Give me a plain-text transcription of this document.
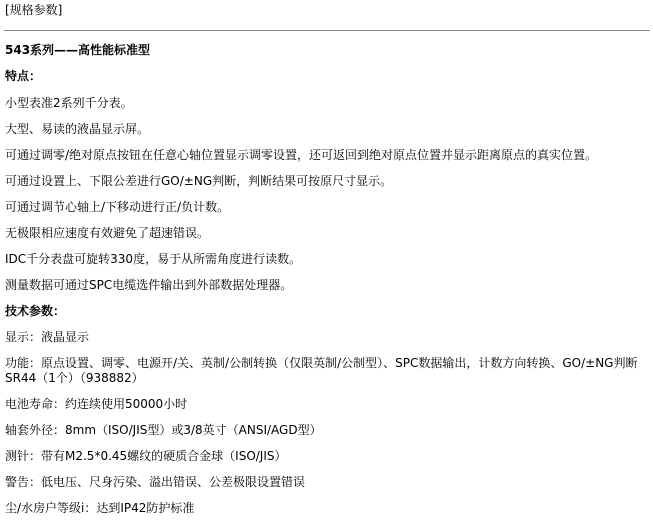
[规格参数]
543系列——高性能标准型
特点：
小型表准2系列千分表。
大型、易读的液晶显示屏。
可通过调零/绝对原点按钮在任意心轴位置显示调零设置，还可返回到绝对原点位置并显示距离原点的真实位置。
可通过设置上、下限公差进行GO/±NG判断，判断结果可按原尺寸显示。
可通过调节心轴上/下移动进行正/负计数。
无极限相应速度有效避免了超速错误。
IDC千分表盘可旋转330度，易于从所需角度进行读数。
测量数据可通过SPC电缆选件输出到外部数据处理器。
技术参数：
显示：液晶显示
功能：原点设置、调零、电源开/关、英制/公制转换（仅限英制/公制型）、SPC数据输出，计数方向转换、GO/±NG判断
SR44（1个）（938882）
电池寿命：约连续使用50000小时
轴套外径：8mm（ISO/JIS型）或3/8英寸（ANSI/AGD型）
测针：带有M2.5*0.45螺纹的硬质合金球（ISO/JIS）
警告：低电压、尺身污染、溢出错误、公差极限设置错误
尘/水房户等级i：达到IP42防护标准
